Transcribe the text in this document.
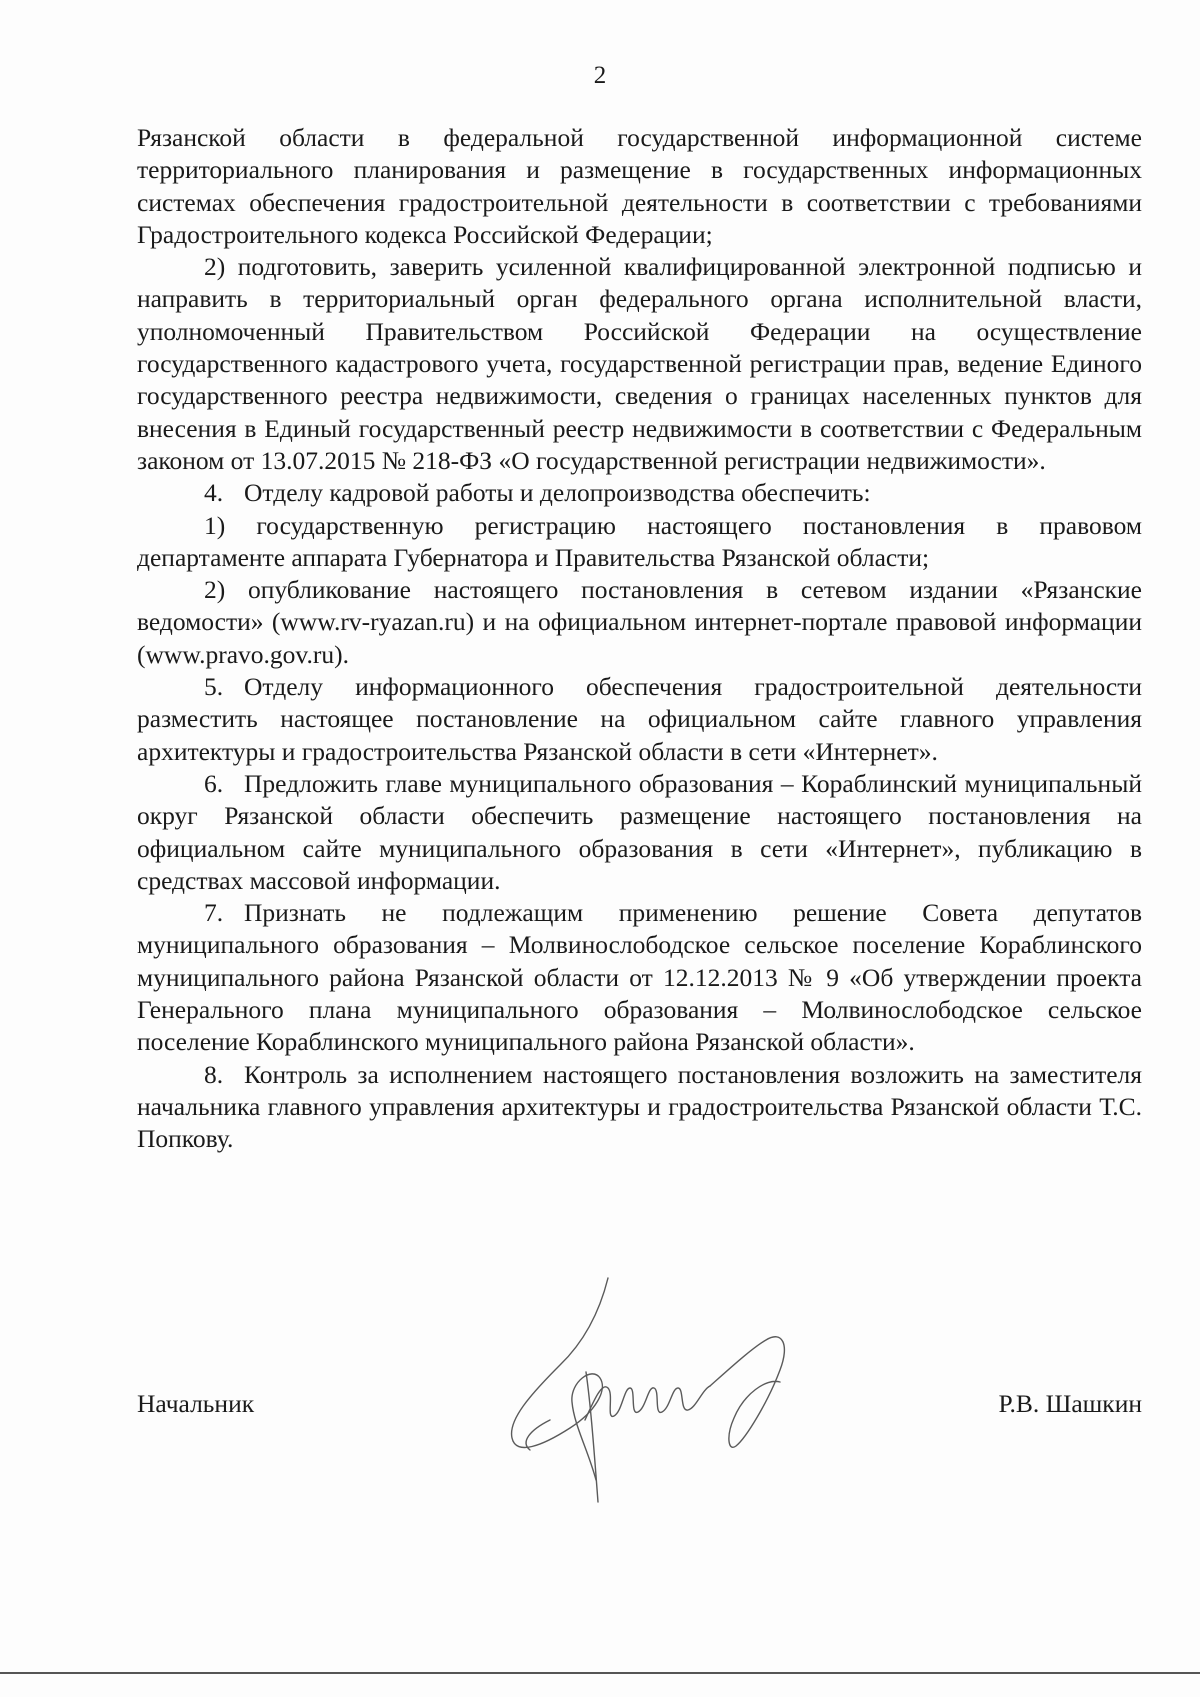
2

Рязанской области в федеральной государственной информационной системе территориального планирования и размещение в государственных информационных системах обеспечения градостроительной деятельности в соответствии с требованиями Градостроительного кодекса Российской Федерации;

2) подготовить, заверить усиленной квалифицированной электронной подписью и направить в территориальный орган федерального органа исполнительной власти, уполномоченный Правительством Российской Федерации на осуществление государственного кадастрового учета, государственной регистрации прав, ведение Единого государственного реестра недвижимости, сведения о границах населенных пунктов для внесения в Единый государственный реестр недвижимости в соответствии с Федеральным законом от 13.07.2015 № 218-ФЗ «О государственной регистрации недвижимости».

4. Отделу кадровой работы и делопроизводства обеспечить:

1) государственную регистрацию настоящего постановления в правовом департаменте аппарата Губернатора и Правительства Рязанской области;

2) опубликование настоящего постановления в сетевом издании «Рязанские ведомости» (www.rv-ryazan.ru) и на официальном интернет-портале правовой информации (www.pravo.gov.ru).

5. Отделу информационного обеспечения градостроительной деятельности разместить настоящее постановление на официальном сайте главного управления архитектуры и градостроительства Рязанской области в сети «Интернет».

6. Предложить главе муниципального образования – Кораблинский муниципальный округ Рязанской области обеспечить размещение настоящего постановления на официальном сайте муниципального образования в сети «Интернет», публикацию в средствах массовой информации.

7. Признать не подлежащим применению решение Совета депутатов муниципального образования – Молвинослободское сельское поселение Кораблинского муниципального района Рязанской области от 12.12.2013 № 9 «Об утверждении проекта Генерального плана муниципального образования – Молвинослободское сельское поселение Кораблинского муниципального района Рязанской области».

8. Контроль за исполнением настоящего постановления возложить на заместителя начальника главного управления архитектуры и градостроительства Рязанской области Т.С. Попкову.

Начальник	Р.В. Шашкин
